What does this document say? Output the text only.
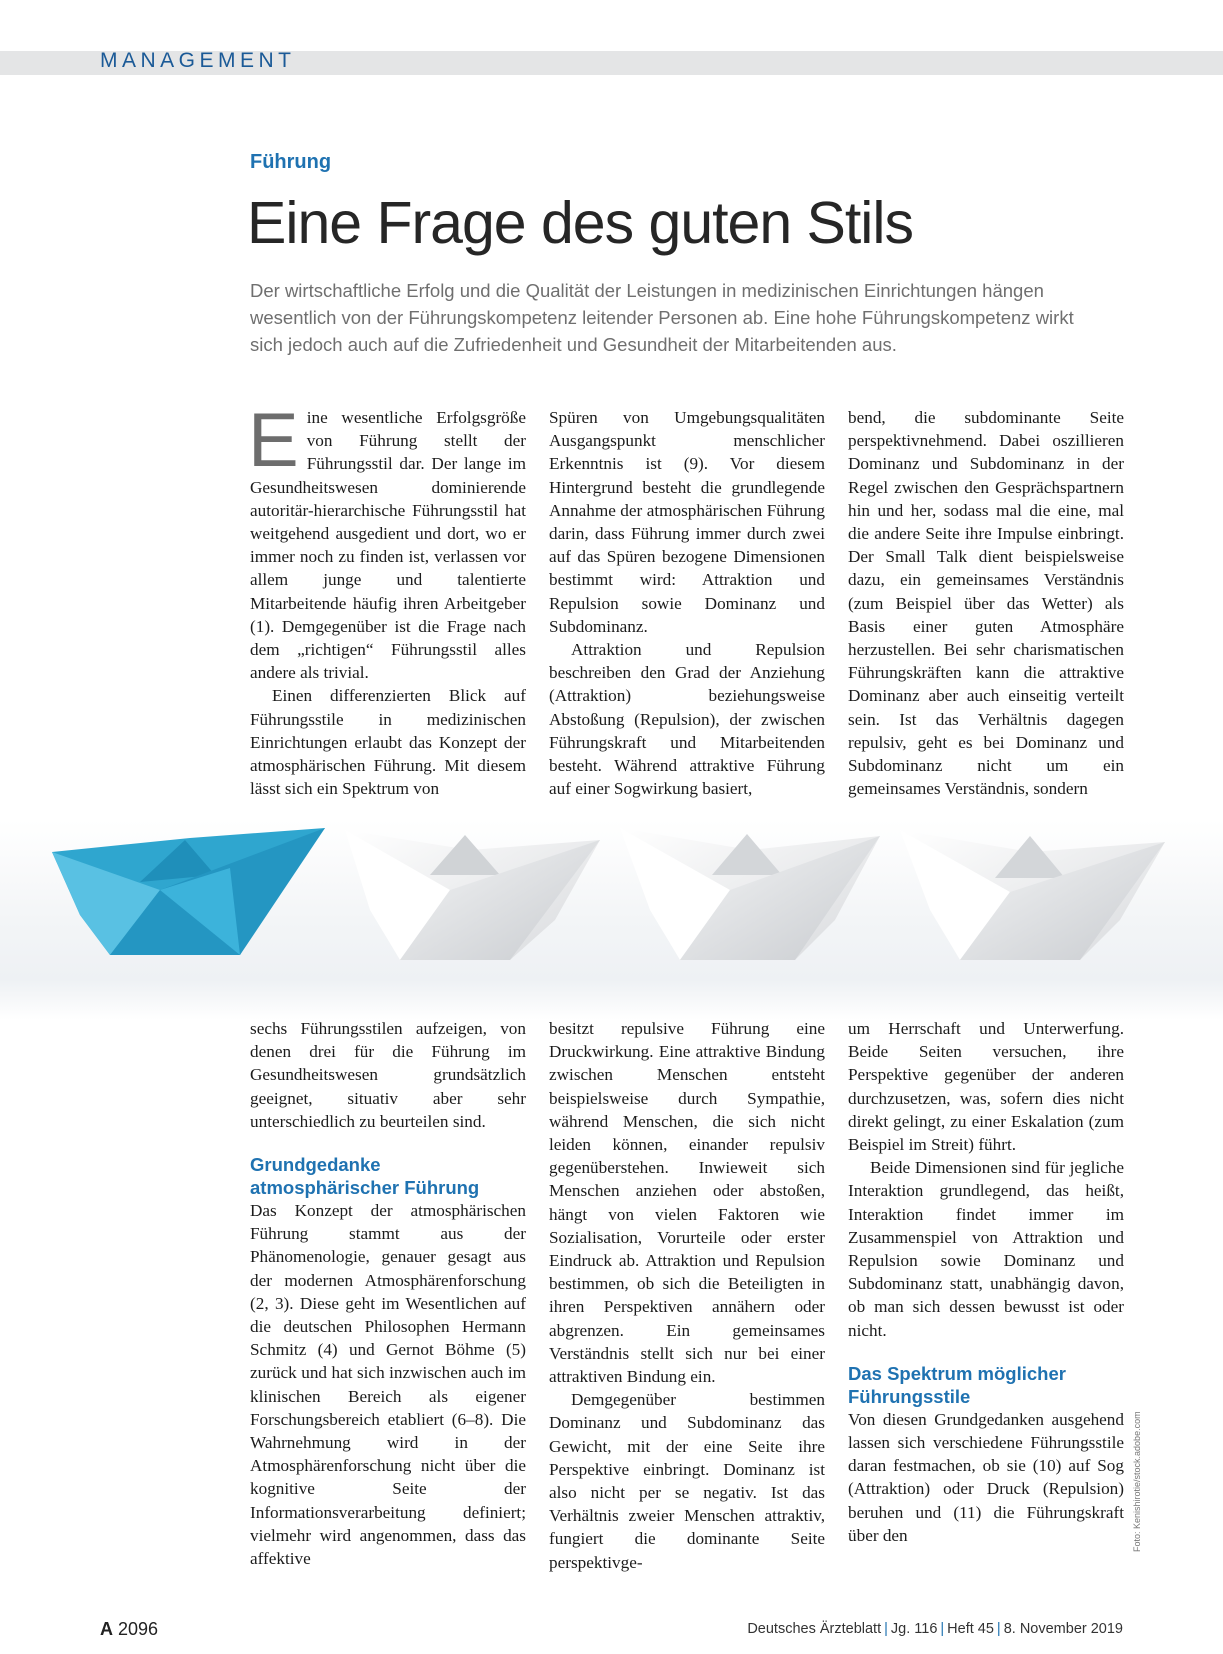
MANAGEMENT
Führung
Eine Frage des guten Stils

Der wirtschaftliche Erfolg und die Qualität der Leistungen in medizinischen Einrichtungen hängen wesentlich von der Führungskompetenz leitender Personen ab. Eine hohe Führungskompetenz wirkt sich jedoch auch auf die Zufriedenheit und Gesundheit der Mitarbeitenden aus.

Eine wesentliche Erfolgsgröße von Führung stellt der Führungsstil dar. Der lange im Gesundheitswesen dominierende autoritär-hierarchische Führungsstil hat weitgehend ausgedient und dort, wo er immer noch zu finden ist, verlassen vor allem junge und talentierte Mitarbeitende häufig ihren Arbeitgeber (1). Demgegenüber ist die Frage nach dem „richtigen“ Führungsstil alles andere als trivial.

Einen differenzierten Blick auf Führungsstile in medizinischen Einrichtungen erlaubt das Konzept der atmosphärischen Führung. Mit diesem lässt sich ein Spektrum von

Spüren von Umgebungsqualitäten Ausgangspunkt menschlicher Erkenntnis ist (9). Vor diesem Hintergrund besteht die grundlegende Annahme der atmosphärischen Führung darin, dass Führung immer durch zwei auf das Spüren bezogene Dimensionen bestimmt wird: Attraktion und Repulsion sowie Dominanz und Subdominanz.

Attraktion und Repulsion beschreiben den Grad der Anziehung (Attraktion) beziehungsweise Abstoßung (Repulsion), der zwischen Führungskraft und Mitarbeitenden besteht. Während attraktive Führung auf einer Sogwirkung basiert,

bend, die subdominante Seite perspektivnehmend. Dabei oszillieren Dominanz und Subdominanz in der Regel zwischen den Gesprächspartnern hin und her, sodass mal die eine, mal die andere Seite ihre Impulse einbringt. Der Small Talk dient beispielsweise dazu, ein gemeinsames Verständnis (zum Beispiel über das Wetter) als Basis einer guten Atmosphäre herzustellen. Bei sehr charismatischen Führungskräften kann die attraktive Dominanz aber auch einseitig verteilt sein. Ist das Verhältnis dagegen repulsiv, geht es bei Dominanz und Subdominanz nicht um ein gemeinsames Verständnis, sondern

sechs Führungsstilen aufzeigen, von denen drei für die Führung im Gesundheitswesen grundsätzlich geeignet, situativ aber sehr unterschiedlich zu beurteilen sind.

Grundgedanke atmosphärischer Führung

Das Konzept der atmosphärischen Führung stammt aus der Phänomenologie, genauer gesagt aus der modernen Atmosphärenforschung (2, 3). Diese geht im Wesentlichen auf die deutschen Philosophen Hermann Schmitz (4) und Gernot Böhme (5) zurück und hat sich inzwischen auch im klinischen Bereich als eigener Forschungsbereich etabliert (6–8). Die Wahrnehmung wird in der Atmosphärenforschung nicht über die kognitive Seite der Informationsverarbeitung definiert; vielmehr wird angenommen, dass das affektive

besitzt repulsive Führung eine Druckwirkung. Eine attraktive Bindung zwischen Menschen entsteht beispielsweise durch Sympathie, während Menschen, die sich nicht leiden können, einander repulsiv gegenüberstehen. Inwieweit sich Menschen anziehen oder abstoßen, hängt von vielen Faktoren wie Sozialisation, Vorurteile oder erster Eindruck ab. Attraktion und Repulsion bestimmen, ob sich die Beteiligten in ihren Perspektiven annähern oder abgrenzen. Ein gemeinsames Verständnis stellt sich nur bei einer attraktiven Bindung ein.

Demgegenüber bestimmen Dominanz und Subdominanz das Gewicht, mit der eine Seite ihre Perspektive einbringt. Dominanz ist also nicht per se negativ. Ist das Verhältnis zweier Menschen attraktiv, fungiert die dominante Seite perspektivge-

um Herrschaft und Unterwerfung. Beide Seiten versuchen, ihre Perspektive gegenüber der anderen durchzusetzen, was, sofern dies nicht direkt gelingt, zu einer Eskalation (zum Beispiel im Streit) führt.

Beide Dimensionen sind für jegliche Interaktion grundlegend, das heißt, Interaktion findet immer im Zusammenspiel von Attraktion und Repulsion sowie Dominanz und Subdominanz statt, unabhängig davon, ob man sich dessen bewusst ist oder nicht.

Das Spektrum möglicher Führungsstile

Von diesen Grundgedanken ausgehend lassen sich verschiedene Führungsstile daran festmachen, ob sie (10) auf Sog (Attraktion) oder Druck (Repulsion) beruhen und (11) die Führungskraft über den	Foto: Kenishirotie/stock.adobe.com
A 2096	Deutsches Ärzteblatt | Jg. 116 | Heft 45 | 8. November 2019
